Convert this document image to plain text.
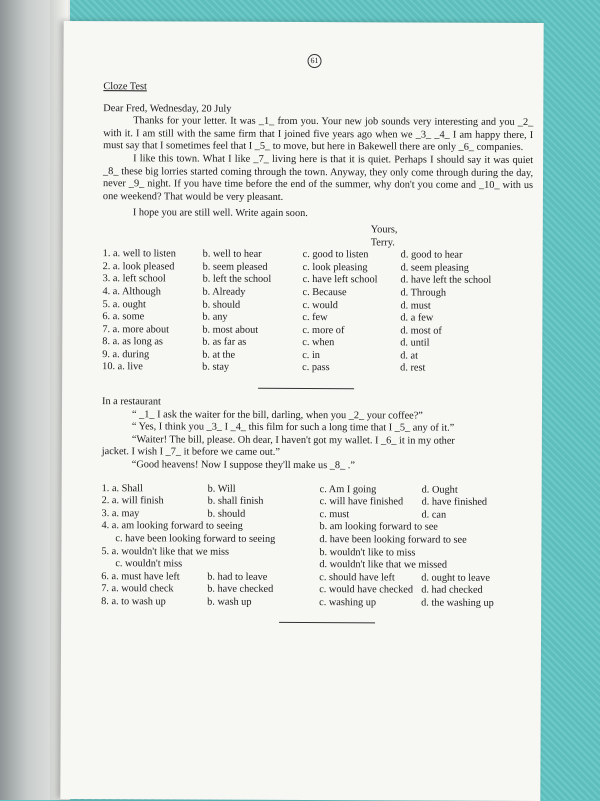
61
Cloze Test
Dear Fred, Wednesday, 20 July

Thanks for your letter. It was _1_ from you. Your new job sounds very interesting and you _2_ with it. I am still with the same firm that I joined five years ago when we _3_ _4_ I am happy there, I must say that I sometimes feel that I _5_ to move, but here in Bakewell there are only _6_ companies.

I like this town. What I like _7_ living here is that it is quiet. Perhaps I should say it was quiet _8_ these big lorries started coming through the town. Anyway, they only come through during the day, never _9_ night. If you have time before the end of the summer, why don't you come and _10_ with us one weekend? That would be very pleasant.

I hope you are still well. Write again soon.

Yours,
Terry.
1. a. well to listen	b. well to hear	c. good to listen	d. good to hear
2. a. look pleased	b. seem pleased	c. look pleasing	d. seem pleasing
3. a. left school	b. left the school	c. have left school	d. have left the school
4. a. Although	b. Already	c. Because	d. Through
5. a. ought	b. should	c. would	d. must
6. a. some	b. any	c. few	d. a few
7. a. more about	b. most about	c. more of	d. most of
8. a. as long as	b. as far as	c. when	d. until
9. a. during	b. at the	c. in	d. at
10. a. live	b. stay	c. pass	d. rest
In a restaurant

“ _1_ I ask the waiter for the bill, darling, when you _2_ your coffee?”

“ Yes, I think you _3_ I _4_ this film for such a long time that I _5_ any of it.”

“Waiter! The bill, please. Oh dear, I haven't got my wallet. I _6_ it in my other

jacket. I wish I _7_ it before we came out.”

“Good heavens! Now I suppose they'll make us _8_ .”

1. a. Shall	b. Will	c. Am I going	d. Ought
2. a. will finish	b. shall finish	c. will have finished	d. have finished
3. a. may	b. should	c. must	d. can
4. a. am looking forward to seeing	b. am looking forward to see
c. have been looking forward to seeing	d. have been looking forward to see
5. a. wouldn't like that we miss	b. wouldn't like to miss
c. wouldn't miss	d. wouldn't like that we missed
6. a. must have left	b. had to leave	c. should have left	d. ought to leave
7. a. would check	b. have checked	c. would have checked d. had checked
8. a. to wash up	b. wash up	c. washing up	d. the washing up
